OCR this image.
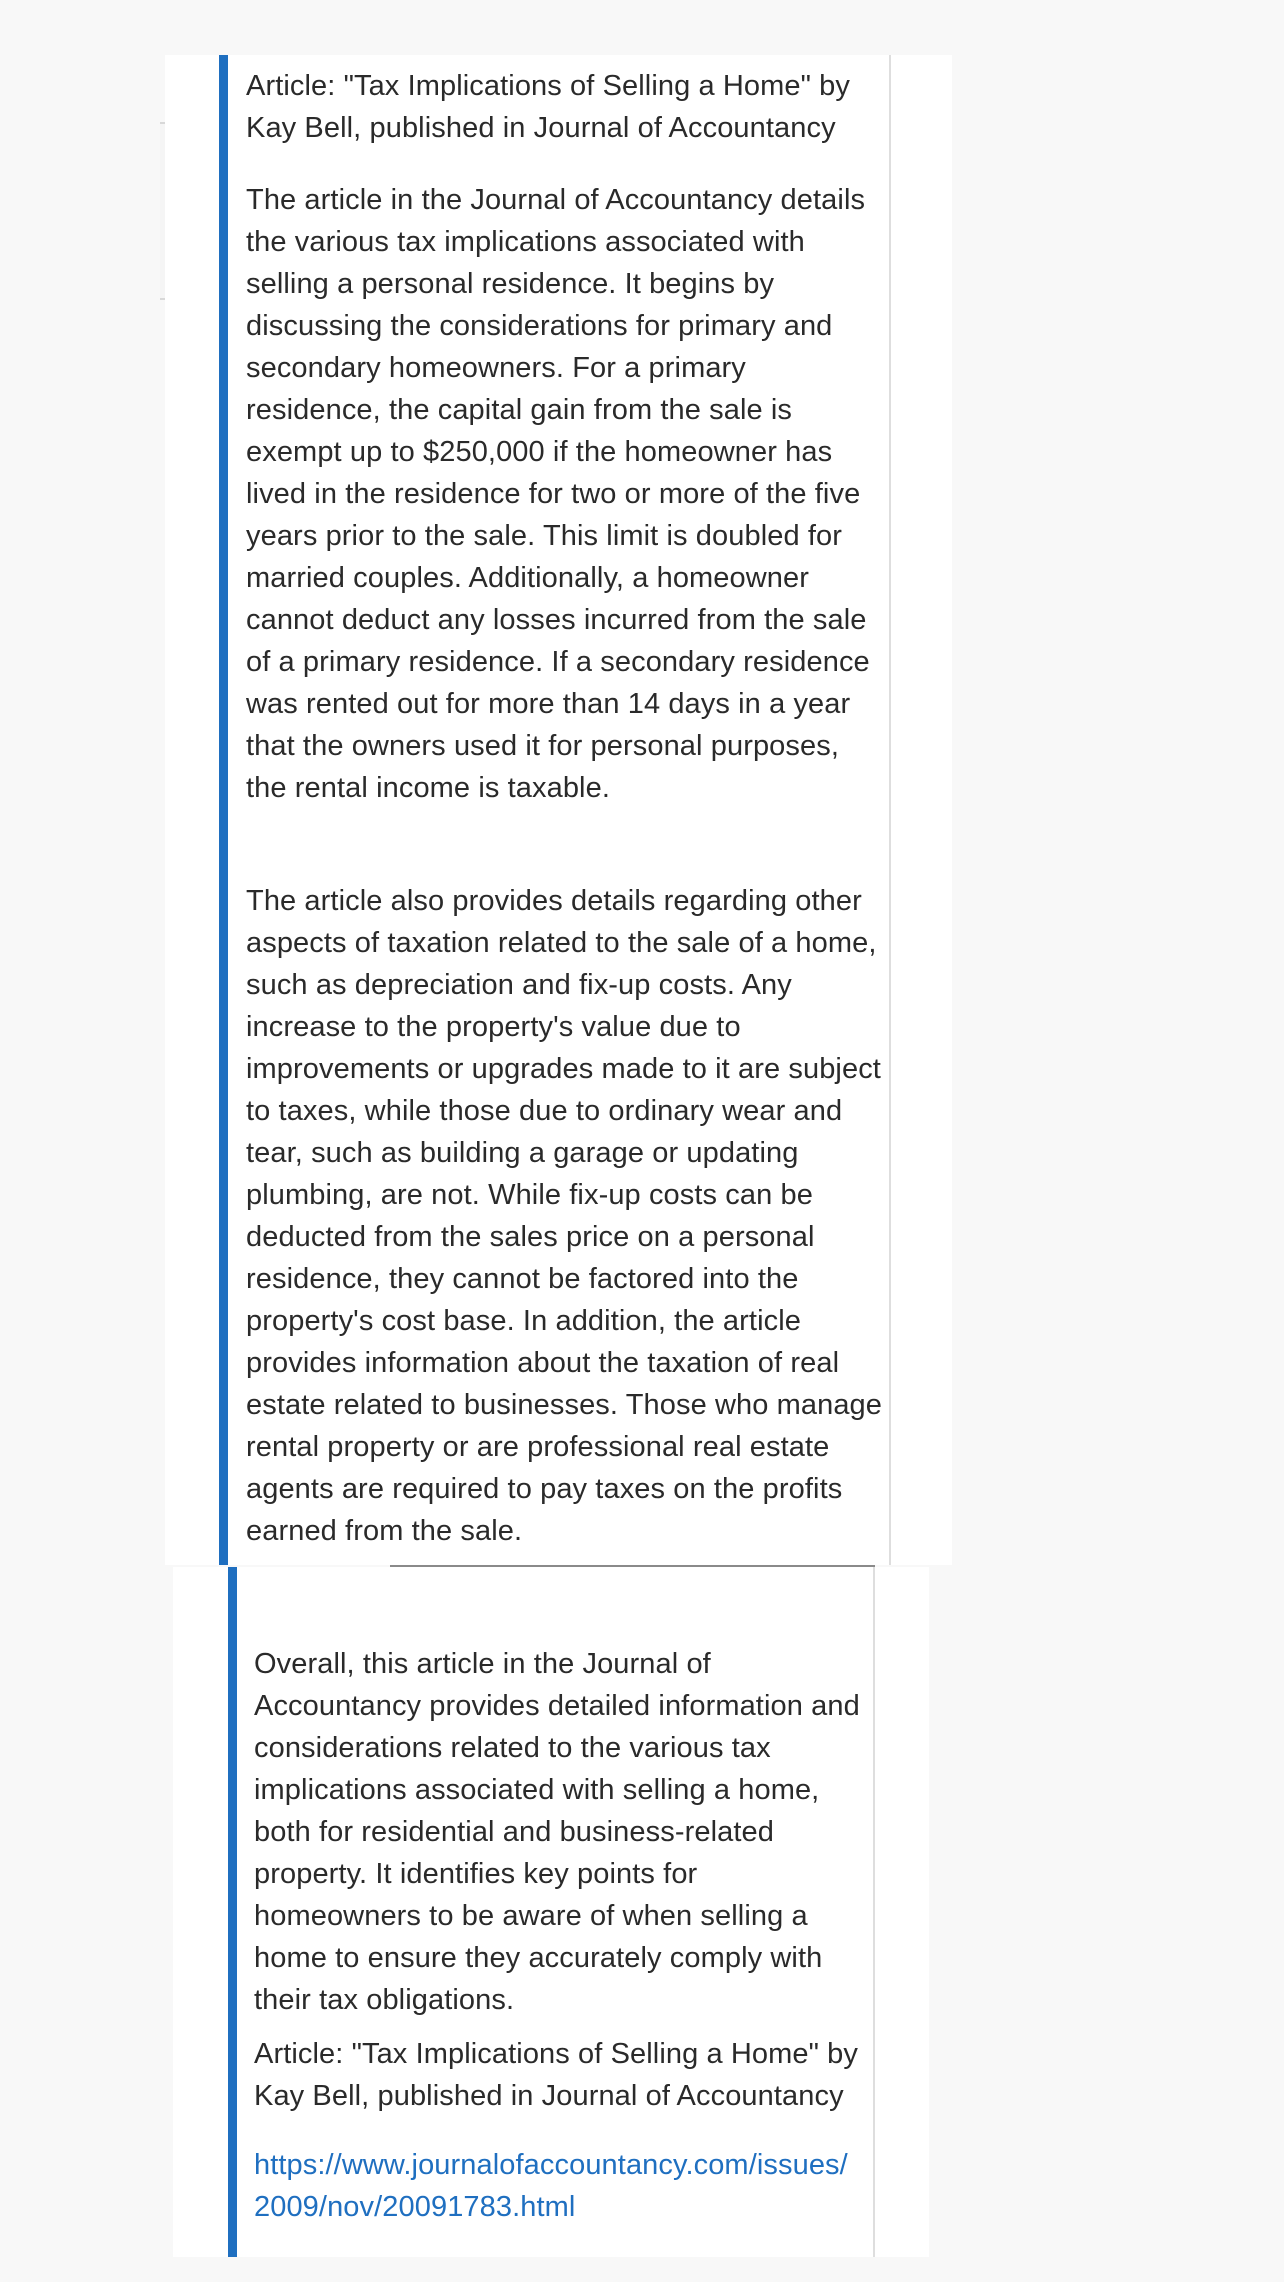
Article: "Tax Implications of Selling a Home" by Kay Bell, published in Journal of Accountancy

The article in the Journal of Accountancy details the various tax implications associated with selling a personal residence. It begins by discussing the considerations for primary and secondary homeowners. For a primary residence, the capital gain from the sale is exempt up to $250,000 if the homeowner has lived in the residence for two or more of the five years prior to the sale. This limit is doubled for married couples. Additionally, a homeowner cannot deduct any losses incurred from the sale of a primary residence. If a secondary residence was rented out for more than 14 days in a year that the owners used it for personal purposes, the rental income is taxable.

The article also provides details regarding other aspects of taxation related to the sale of a home, such as depreciation and fix-up costs. Any increase to the property's value due to improvements or upgrades made to it are subject to taxes, while those due to ordinary wear and tear, such as building a garage or updating plumbing, are not. While fix-up costs can be deducted from the sales price on a personal residence, they cannot be factored into the property's cost base. In addition, the article provides information about the taxation of real estate related to businesses. Those who manage rental property or are professional real estate agents are required to pay taxes on the profits earned from the sale.

Overall, this article in the Journal of Accountancy provides detailed information and considerations related to the various tax implications associated with selling a home, both for residential and business-related property. It identifies key points for homeowners to be aware of when selling a home to ensure they accurately comply with their tax obligations.

Article: "Tax Implications of Selling a Home" by Kay Bell, published in Journal of Accountancy

https://www.journalofaccountancy.com/issues/2009/nov/20091783.html
